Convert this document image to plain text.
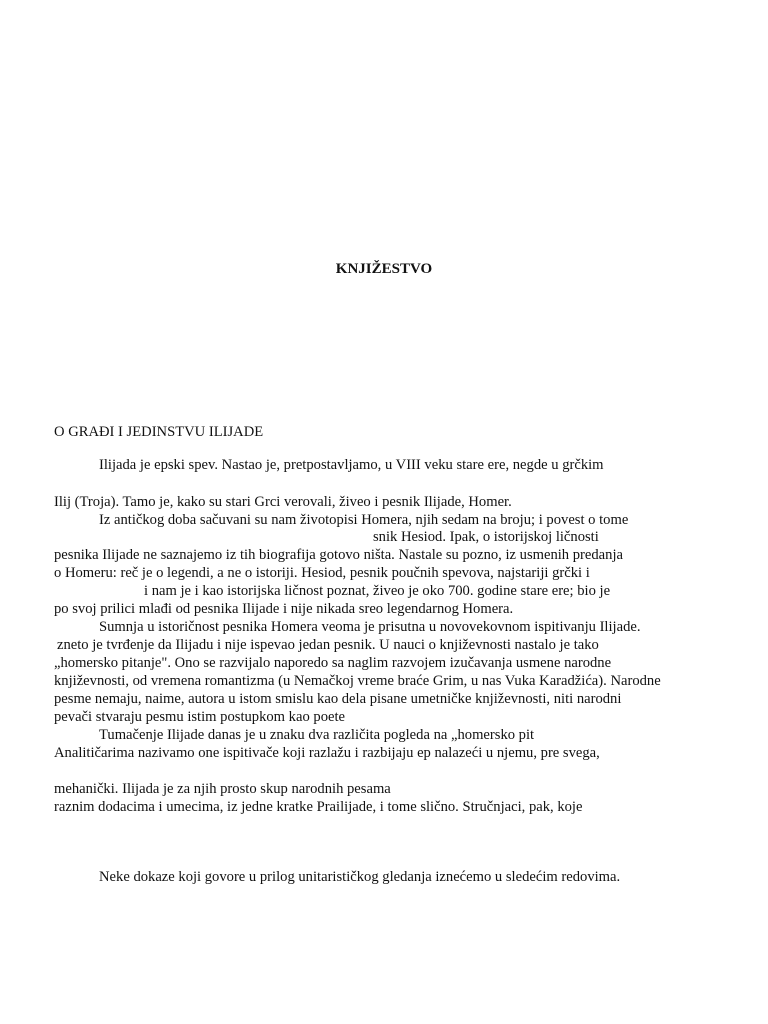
KNJIŽESTVO
O GRAĐI I JEDINSTVU ILIJADE
Ilijada je epski spev. Nastao je, pretpostavljamo, u VIII veku stare ere, negde u grčkim
Ilij (Troja). Tamo je, kako su stari Grci verovali, živeo i pesnik Ilijade, Homer.
Iz antičkog doba sačuvani su nam životopisi Homera, njih sedam na broju; i povest o tome
snik Hesiod. Ipak, o istorijskoj ličnosti
pesnika Ilijade ne saznajemo iz tih biografija gotovo ništa. Nastale su pozno, iz usmenih predanja
o Homeru: reč je o legendi, a ne o istoriji. Hesiod, pesnik poučnih spevova, najstariji grčki i
i nam je i kao istorijska ličnost poznat, živeo je oko 700. godine stare ere; bio je
po svoj prilici mlađi od pesnika Ilijade i nije nikada sreo legendarnog Homera.
Sumnja u istoričnost pesnika Homera veoma je prisutna u novovekovnom ispitivanju Ilijade.
zneto je tvrđenje da Ilijadu i nije ispevao jedan pesnik. U nauci o književnosti nastalo je tako
„homersko pitanje". Ono se razvijalo naporedo sa naglim razvojem izučavanja usmene narodne
književnosti, od vremena romantizma (u Nemačkoj vreme braće Grim, u nas Vuka Karadžića). Narodne
pesme nemaju, naime, autora u istom smislu kao dela pisane umetničke književnosti, niti narodni
pevači stvaraju pesmu istim postupkom kao poete
Tumačenje Ilijade danas je u znaku dva različita pogleda na „homersko pit
Analitičarima nazivamo one ispitivače koji razlažu i razbijaju ep nalazeći u njemu, pre svega,
mehanički. Ilijada je za njih prosto skup narodnih pesama
raznim dodacima i umecima, iz jedne kratke Prailijade, i tome slično. Stručnjaci, pak, koje
Neke dokaze koji govore u prilog unitarističkog gledanja iznećemo u sledećim redovima.
